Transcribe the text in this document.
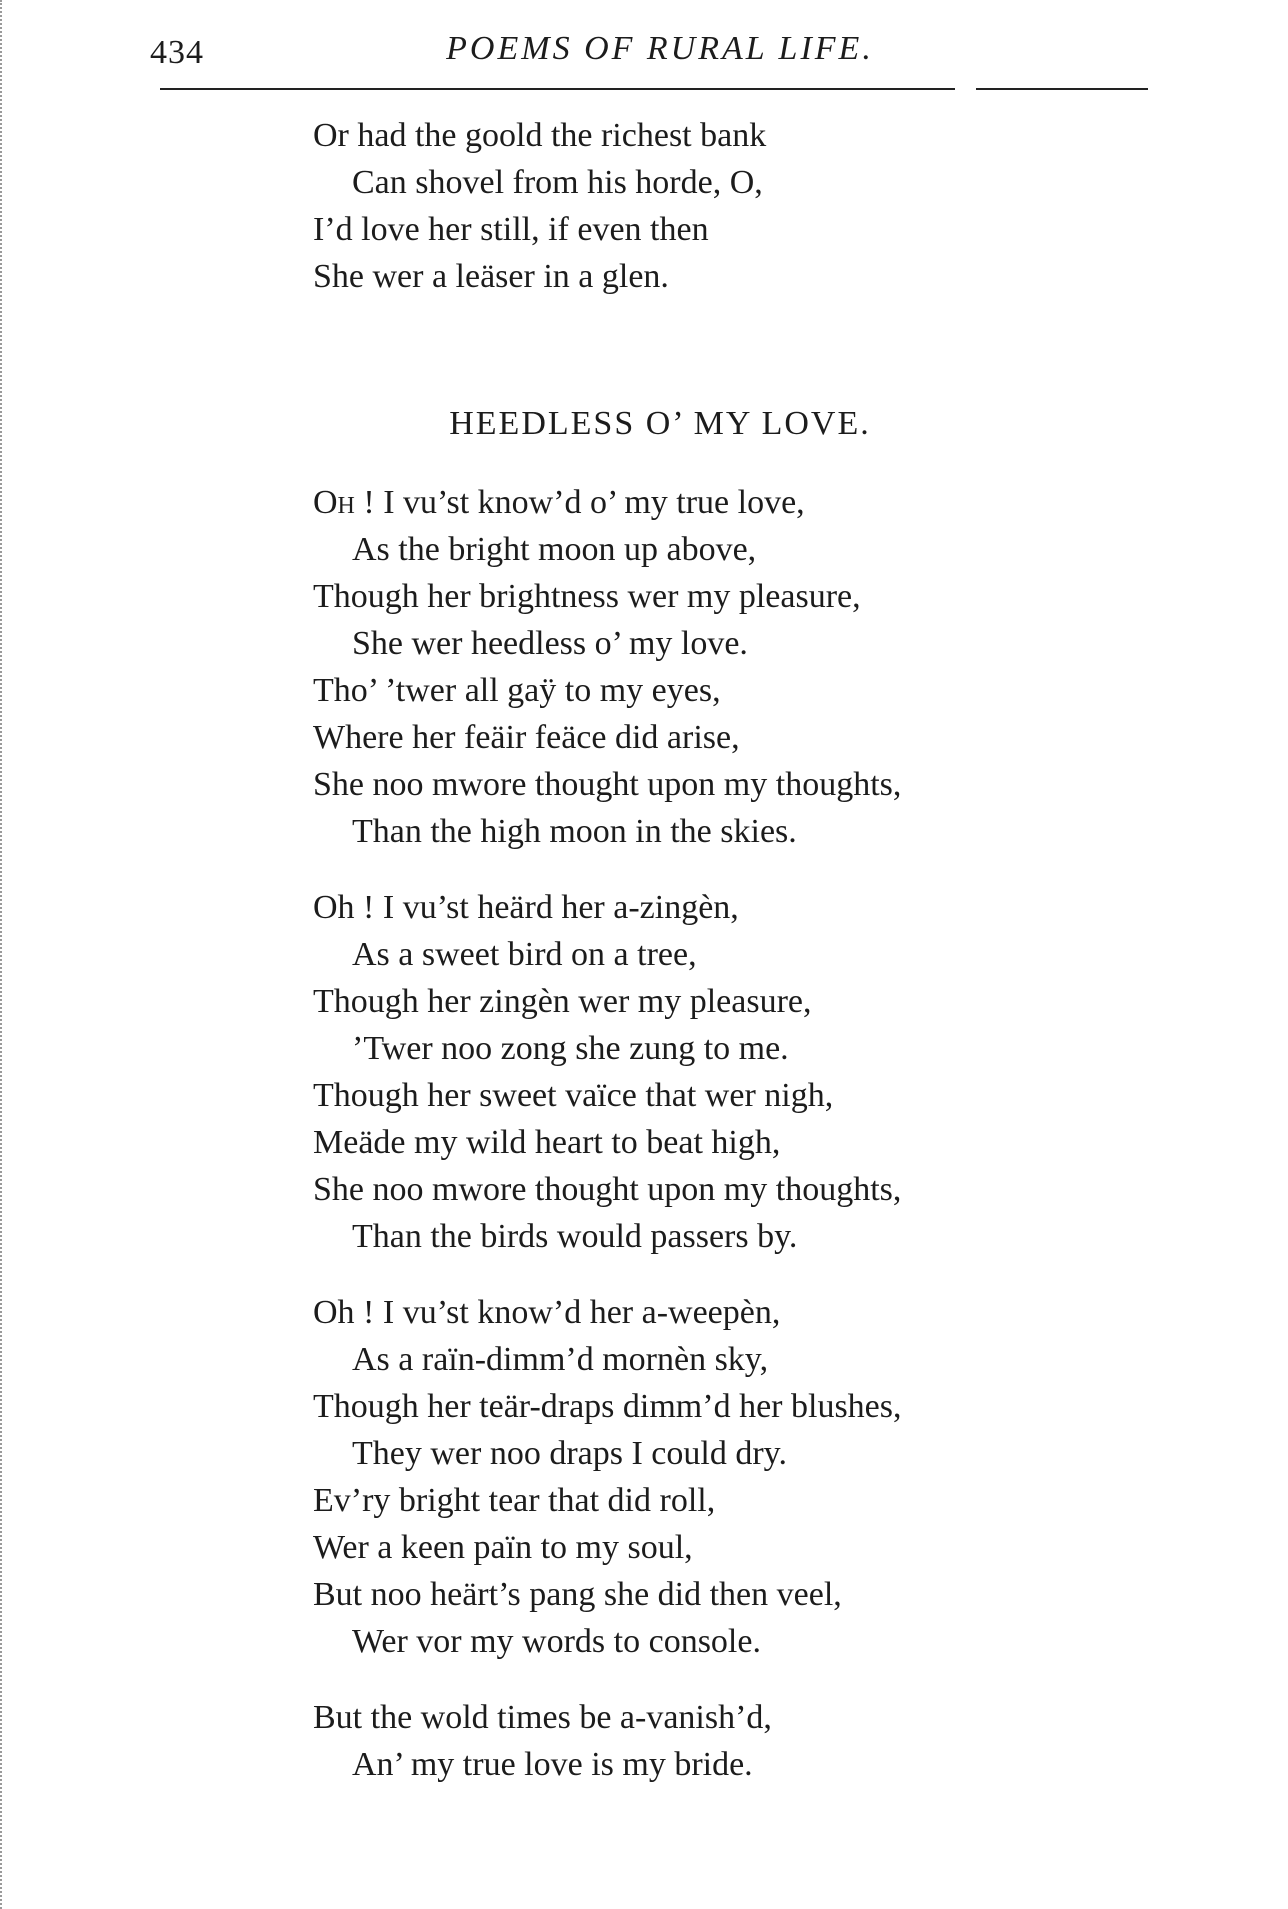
434	POEMS OF RURAL LIFE.
Or had the goold the richest bank
Can shovel from his horde, O,
I’d love her still, if even then
She wer a leäser in a glen.
HEEDLESS O’ MY LOVE.
Oh ! I vu’st know’d o’ my true love,
As the bright moon up above,
Though her brightness wer my pleasure,
She wer heedless o’ my love.
Tho’ ’twer all gaÿ to my eyes,
Where her feäir feäce did arise,
She noo mwore thought upon my thoughts,
Than the high moon in the skies.
Oh ! I vu’st heärd her a-zingèn,
As a sweet bird on a tree,
Though her zingèn wer my pleasure,
’Twer noo zong she zung to me.
Though her sweet vaïce that wer nigh,
Meäde my wild heart to beat high,
She noo mwore thought upon my thoughts,
Than the birds would passers by.
Oh ! I vu’st know’d her a-weepèn,
As a raïn-dimm’d mornèn sky,
Though her teär-draps dimm’d her blushes,
They wer noo draps I could dry.
Ev’ry bright tear that did roll,
Wer a keen païn to my soul,
But noo heärt’s pang she did then veel,
Wer vor my words to console.
But the wold times be a-vanish’d,
An’ my true love is my bride.
